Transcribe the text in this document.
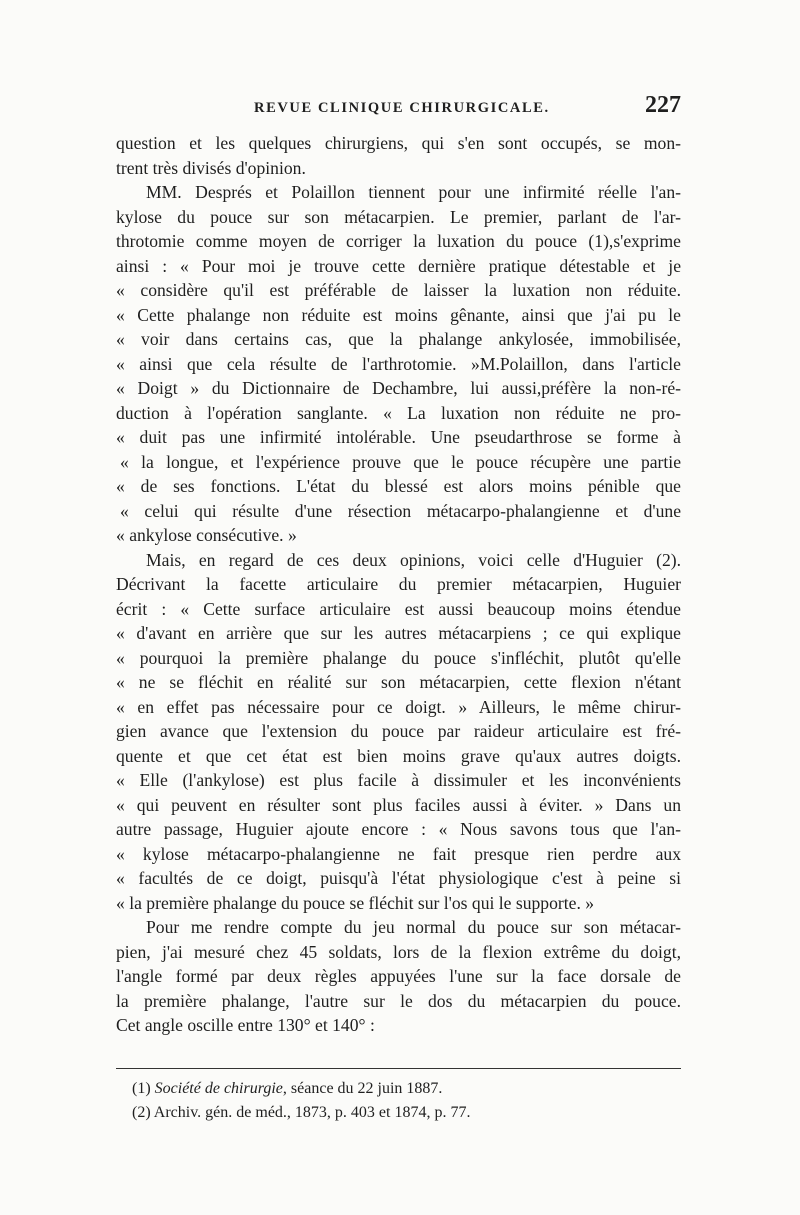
REVUE CLINIQUE CHIRURGICALE.	227
question et les quelques chirurgiens, qui s'en sont occupés, se mon-
trent très divisés d'opinion.
MM. Després et Polaillon tiennent pour une infirmité réelle l'an-
kylose du pouce sur son métacarpien. Le premier, parlant de l'ar-
throtomie comme moyen de corriger la luxation du pouce (1),s'exprime
ainsi : « Pour moi je trouve cette dernière pratique détestable et je
« considère qu'il est préférable de laisser la luxation non réduite.
« Cette phalange non réduite est moins gênante, ainsi que j'ai pu le
« voir dans certains cas, que la phalange ankylosée, immobilisée,
« ainsi que cela résulte de l'arthrotomie. »M.Polaillon, dans l'article
« Doigt » du Dictionnaire de Dechambre, lui aussi,préfère la non-ré-
duction à l'opération sanglante. « La luxation non réduite ne pro-
« duit pas une infirmité intolérable. Une pseudarthrose se forme à
« la longue, et l'expérience prouve que le pouce récupère une partie
« de ses fonctions. L'état du blessé est alors moins pénible que
« celui qui résulte d'une résection métacarpo-phalangienne et d'une
« ankylose consécutive. »
Mais, en regard de ces deux opinions, voici celle d'Huguier (2).
Décrivant la facette articulaire du premier métacarpien, Huguier
écrit : « Cette surface articulaire est aussi beaucoup moins étendue
« d'avant en arrière que sur les autres métacarpiens ; ce qui explique
« pourquoi la première phalange du pouce s'infléchit, plutôt qu'elle
« ne se fléchit en réalité sur son métacarpien, cette flexion n'étant
« en effet pas nécessaire pour ce doigt. » Ailleurs, le même chirur-
gien avance que l'extension du pouce par raideur articulaire est fré-
quente et que cet état est bien moins grave qu'aux autres doigts.
« Elle (l'ankylose) est plus facile à dissimuler et les inconvénients
« qui peuvent en résulter sont plus faciles aussi à éviter. » Dans un
autre passage, Huguier ajoute encore : « Nous savons tous que l'an-
« kylose métacarpo-phalangienne ne fait presque rien perdre aux
« facultés de ce doigt, puisqu'à l'état physiologique c'est à peine si
« la première phalange du pouce se fléchit sur l'os qui le supporte. »
Pour me rendre compte du jeu normal du pouce sur son métacar-
pien, j'ai mesuré chez 45 soldats, lors de la flexion extrême du doigt,
l'angle formé par deux règles appuyées l'une sur la face dorsale de
la première phalange, l'autre sur le dos du métacarpien du pouce.
Cet angle oscille entre 130° et 140° :
(1) Société de chirurgie, séance du 22 juin 1887.
(2) Archiv. gén. de méd., 1873, p. 403 et 1874, p. 77.
